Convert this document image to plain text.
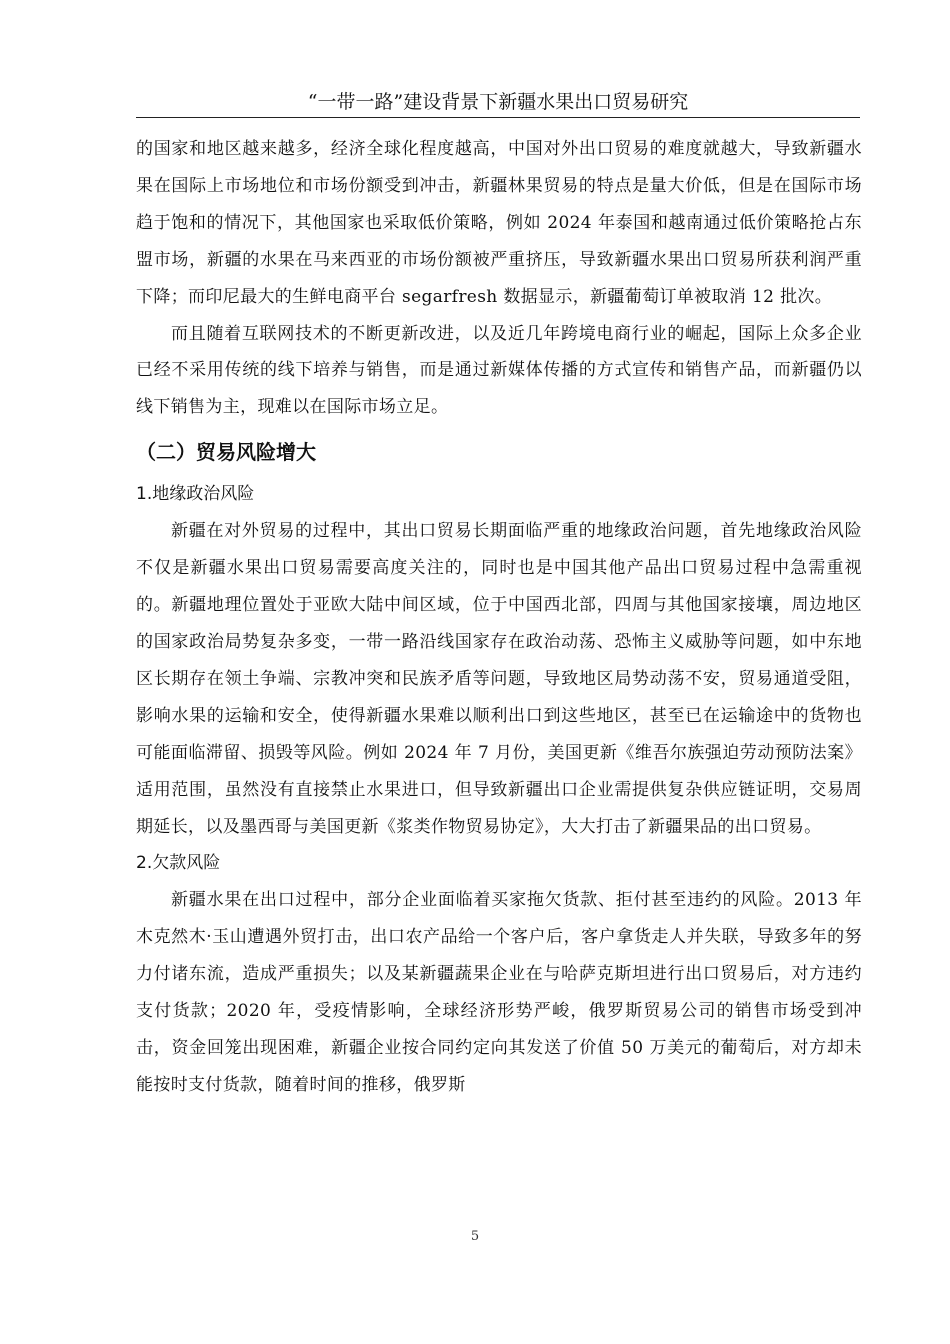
“一带一路”建设背景下新疆水果出口贸易研究

的国家和地区越来越多，经济全球化程度越高，中国对外出口贸易的难度就越大，导致新疆水果在国际上市场地位和市场份额受到冲击，新疆林果贸易的特点是量大价低，但是在国际市场趋于饱和的情况下，其他国家也采取低价策略，例如 2024 年泰国和越南通过低价策略抢占东盟市场，新疆的水果在马来西亚的市场份额被严重挤压，导致新疆水果出口贸易所获利润严重下降；而印尼最大的生鲜电商平台 segarfresh 数据显示，新疆葡萄订单被取消 12 批次。

而且随着互联网技术的不断更新改进，以及近几年跨境电商行业的崛起，国际上众多企业已经不采用传统的线下培养与销售，而是通过新媒体传播的方式宣传和销售产品，而新疆仍以线下销售为主，现难以在国际市场立足。

（二）贸易风险增大
1.地缘政治风险

新疆在对外贸易的过程中，其出口贸易长期面临严重的地缘政治问题，首先地缘政治风险不仅是新疆水果出口贸易需要高度关注的，同时也是中国其他产品出口贸易过程中急需重视的。新疆地理位置处于亚欧大陆中间区域，位于中国西北部，四周与其他国家接壤，周边地区的国家政治局势复杂多变，一带一路沿线国家存在政治动荡、恐怖主义威胁等问题，如中东地区长期存在领土争端、宗教冲突和民族矛盾等问题，导致地区局势动荡不安，贸易通道受阻，影响水果的运输和安全，使得新疆水果难以顺利出口到这些地区，甚至已在运输途中的货物也可能面临滞留、损毁等风险。例如 2024 年 7 月份，美国更新《维吾尔族强迫劳动预防法案》适用范围，虽然没有直接禁止水果进口，但导致新疆出口企业需提供复杂供应链证明，交易周期延长，以及墨西哥与美国更新《浆类作物贸易协定》，大大打击了新疆果品的出口贸易。

2.欠款风险

新疆水果在出口过程中，部分企业面临着买家拖欠货款、拒付甚至违约的风险。2013 年木克然木·玉山遭遇外贸打击，出口农产品给一个客户后，客户拿货走人并失联，导致多年的努力付诸东流，造成严重损失；以及某新疆蔬果企业在与哈萨克斯坦进行出口贸易后，对方违约支付货款；2020 年，受疫情影响，全球经济形势严峻，俄罗斯贸易公司的销售市场受到冲击，资金回笼出现困难，新疆企业按合同约定向其发送了价值 50 万美元的葡萄后，对方却未能按时支付货款，随着时间的推移，俄罗斯

5
